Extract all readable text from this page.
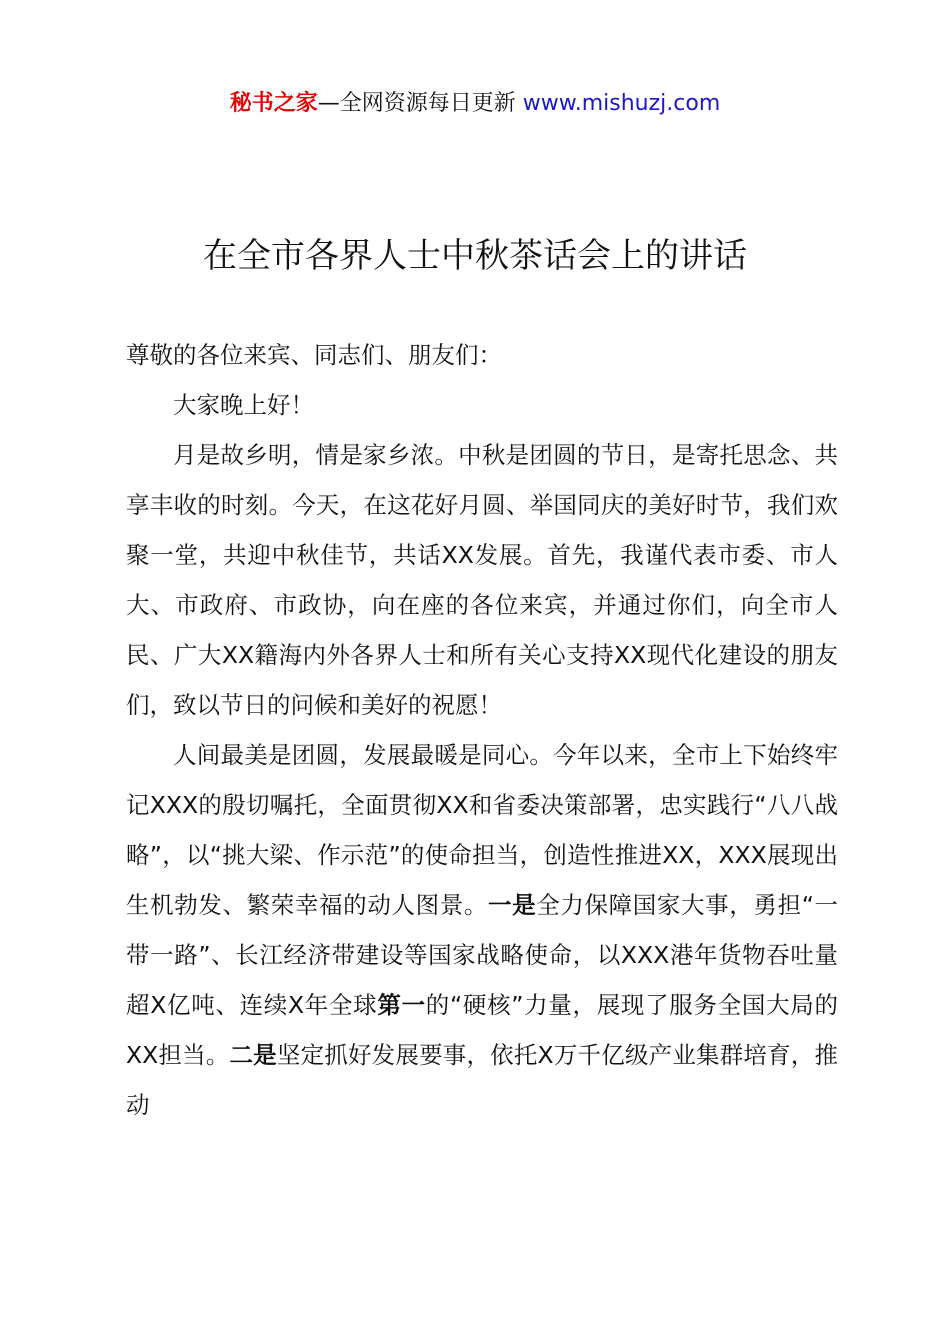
秘书之家—全网资源每日更新 www.mishuzj.com
在全市各界人士中秋茶话会上的讲话

尊敬的各位来宾、同志们、朋友们：

大家晚上好！

月是故乡明，情是家乡浓。中秋是团圆的节日，是寄托思念、共享丰收的时刻。今天，在这花好月圆、举国同庆的美好时节，我们欢聚一堂，共迎中秋佳节，共话XX发展。首先，我谨代表市委、市人大、市政府、市政协，向在座的各位来宾，并通过你们，向全市人民、广大XX籍海内外各界人士和所有关心支持XX现代化建设的朋友们，致以节日的问候和美好的祝愿！

人间最美是团圆，发展最暖是同心。今年以来，全市上下始终牢记XXX的殷切嘱托，全面贯彻XX和省委决策部署，忠实践行“八八战略”，以“挑大梁、作示范”的使命担当，创造性推进XX，XXX展现出生机勃发、繁荣幸福的动人图景。一是全力保障国家大事，勇担“一带一路”、长江经济带建设等国家战略使命，以XXX港年货物吞吐量超X亿吨、连续X年全球第一的“硬核”力量，展现了服务全国大局的XX担当。二是坚定抓好发展要事，依托X万千亿级产业集群培育，推动
